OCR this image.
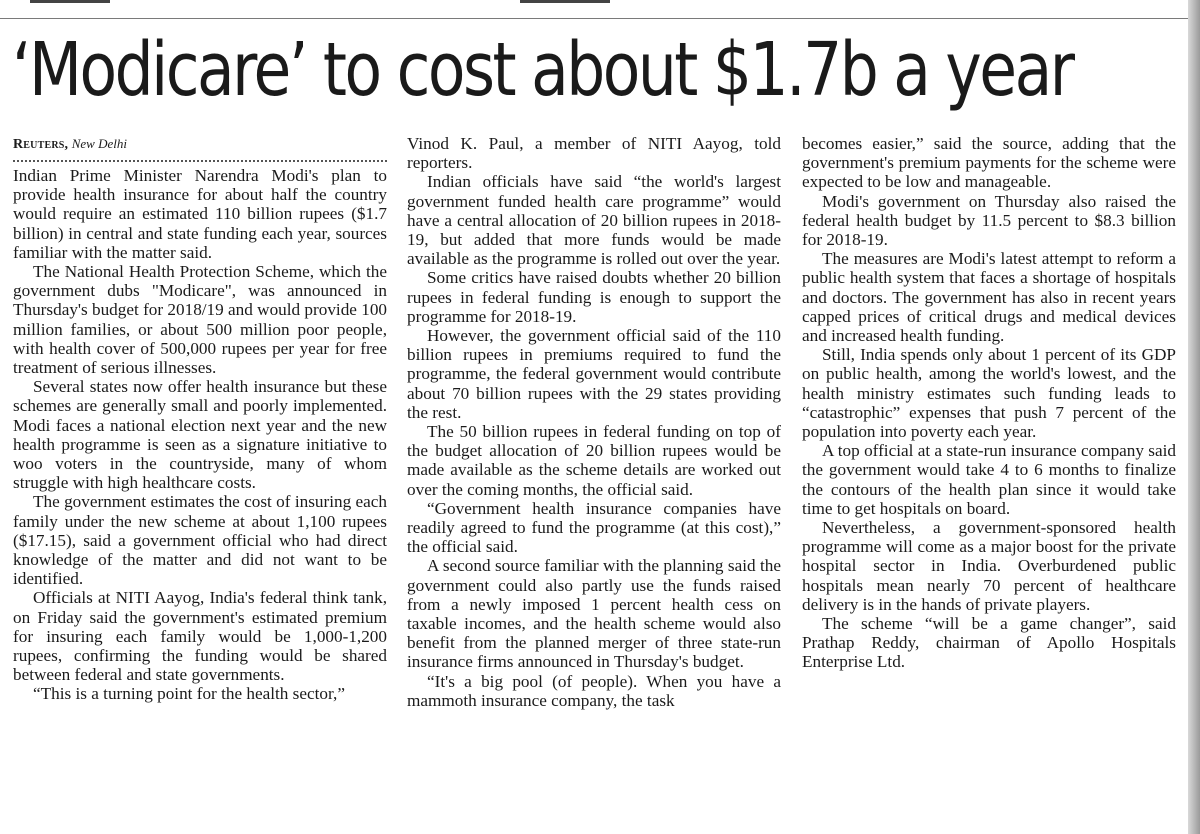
‘Modicare’ to cost about $1.7b a year
Reuters, New Delhi

Indian Prime Minister Narendra Modi's plan to provide health insurance for about half the country would require an estimated 110 billion rupees ($1.7 billion) in central and state funding each year, sources familiar with the matter said.

The National Health Protection Scheme, which the government dubs "Modicare", was announced in Thursday's budget for 2018/19 and would provide 100 million families, or about 500 million poor people, with health cover of 500,000 rupees per year for free treatment of serious illnesses.

Several states now offer health insurance but these schemes are generally small and poorly implemented. Modi faces a national election next year and the new health programme is seen as a signature initiative to woo voters in the countryside, many of whom struggle with high healthcare costs.

The government estimates the cost of insuring each family under the new scheme at about 1,100 rupees ($17.15), said a government official who had direct knowledge of the matter and did not want to be identified.

Officials at NITI Aayog, India's federal think tank, on Friday said the government's estimated premium for insuring each family would be 1,000-1,200 rupees, confirming the funding would be shared between federal and state governments.

“This is a turning point for the health sector,”

Vinod K. Paul, a member of NITI Aayog, told reporters.

Indian officials have said “the world's largest government funded health care programme” would have a central allocation of 20 billion rupees in 2018-19, but added that more funds would be made available as the programme is rolled out over the year.

Some critics have raised doubts whether 20 billion rupees in federal funding is enough to support the programme for 2018-19.

However, the government official said of the 110 billion rupees in premiums required to fund the programme, the federal government would contribute about 70 billion rupees with the 29 states providing the rest.

The 50 billion rupees in federal funding on top of the budget allocation of 20 billion rupees would be made available as the scheme details are worked out over the coming months, the official said.

“Government health insurance companies have readily agreed to fund the programme (at this cost),” the official said.

A second source familiar with the planning said the government could also partly use the funds raised from a newly imposed 1 percent health cess on taxable incomes, and the health scheme would also benefit from the planned merger of three state-run insurance firms announced in Thursday's budget.

“It's a big pool (of people). When you have a mammoth insurance company, the task

becomes easier,” said the source, adding that the government's premium payments for the scheme were expected to be low and manageable.

Modi's government on Thursday also raised the federal health budget by 11.5 percent to $8.3 billion for 2018-19.

The measures are Modi's latest attempt to reform a public health system that faces a shortage of hospitals and doctors. The government has also in recent years capped prices of critical drugs and medical devices and increased health funding.

Still, India spends only about 1 percent of its GDP on public health, among the world's lowest, and the health ministry estimates such funding leads to “catastrophic” expenses that push 7 percent of the population into poverty each year.

A top official at a state-run insurance company said the government would take 4 to 6 months to finalize the contours of the health plan since it would take time to get hospitals on board.

Nevertheless, a government-sponsored health programme will come as a major boost for the private hospital sector in India. Overburdened public hospitals mean nearly 70 percent of healthcare delivery is in the hands of private players.

The scheme “will be a game changer”, said Prathap Reddy, chairman of Apollo Hospitals Enterprise Ltd.
